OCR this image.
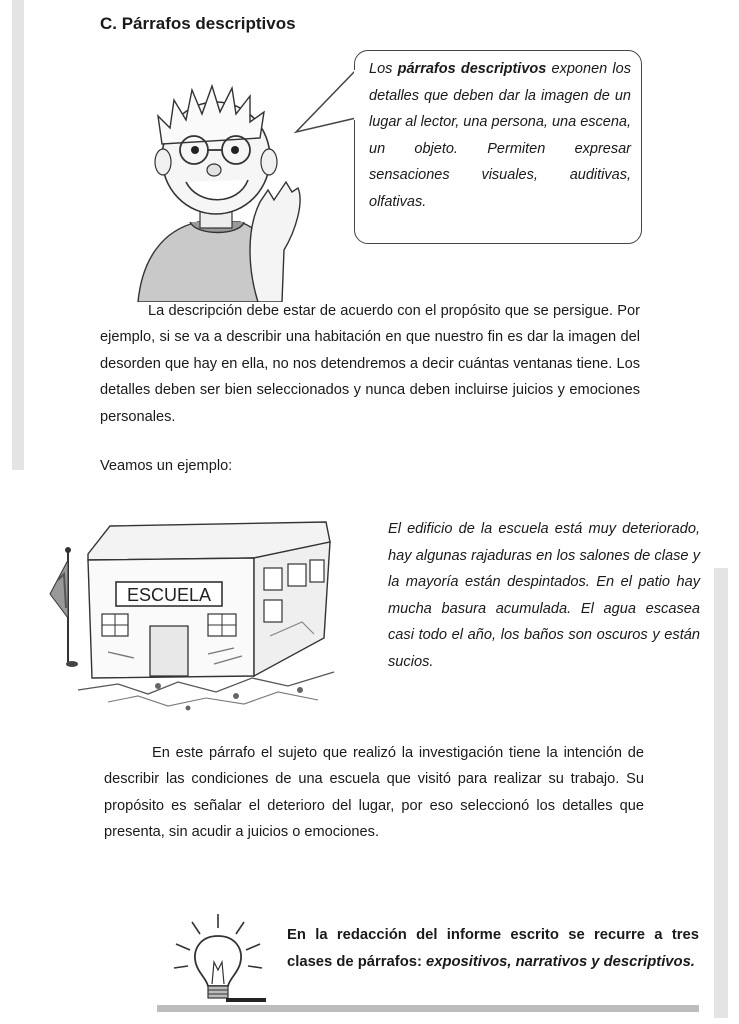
C. Párrafos descriptivos

Los párrafos descriptivos exponen los detalles que deben dar la imagen de un lugar al lector, una persona, una escena, un objeto. Permiten expresar sensaciones visuales, auditivas, olfativas.

La descripción debe estar de acuerdo con el propósito que se persigue. Por ejemplo, si se va a describir una habitación en que nuestro fin es dar la imagen del desorden que hay en ella, no nos detendremos a decir cuántas ventanas tiene. Los detalles deben ser bien seleccionados y nunca deben incluirse juicios y emociones personales.

Veamos un ejemplo:
ESCUELA

El edificio de la escuela está muy deteriorado, hay algunas rajaduras en los salones de clase y la mayoría están despintados. En el patio hay mucha basura acumulada. El agua escasea casi todo el año, los baños son oscuros y están sucios.

En este párrafo el sujeto que realizó la investigación tiene la intención de describir las condiciones de una escuela que visitó para realizar su trabajo. Su propósito es señalar el deterioro del lugar, por eso seleccionó los detalles que presenta, sin acudir a juicios o emociones.

En la redacción del informe escrito se recurre a tres clases de párrafos: expositivos, narrativos y descriptivos.
